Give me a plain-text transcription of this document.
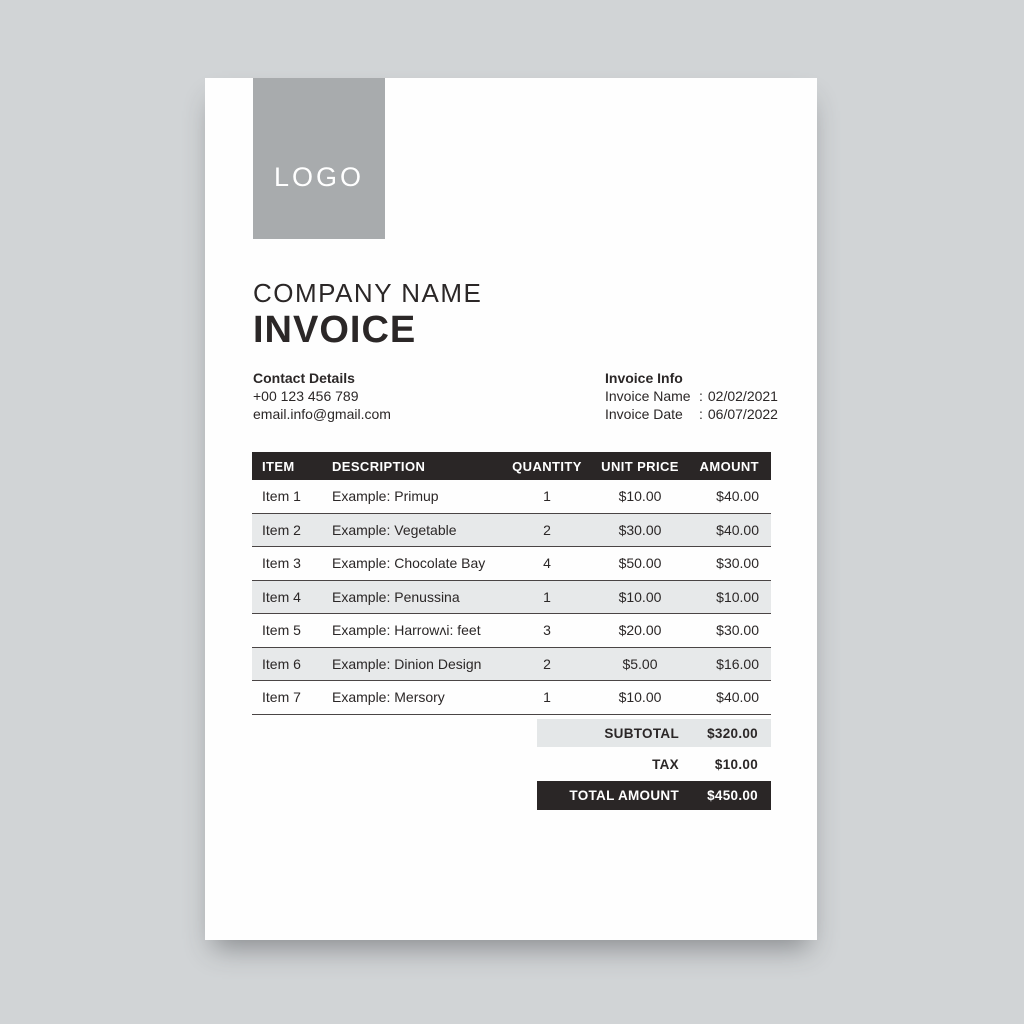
LOGO
COMPANY NAME
INVOICE
Contact Details
+00 123 456 789
email.info@gmail.com
Invoice Info
Invoice Name : 02/02/2021
Invoice Date : 06/07/2022
ITEM	DESCRIPTION	QUANTITY	UNIT PRICE	AMOUNT
Item 1	Example: Primup	1	$10.00	$40.00
Item 2	Example: Vegetable	2	$30.00	$40.00
Item 3	Example: Chocolate Bay	4	$50.00	$30.00
Item 4	Example: Penussina	1	$10.00	$10.00
Item 5	Example: Harrowʌi: feet	3	$20.00	$30.00
Item 6	Example: Dinion Design	2	$5.00	$16.00
Item 7	Example: Mersory	1	$10.00	$40.00
SUBTOTAL	$320.00
TAX	$10.00
TOTAL AMOUNT	$450.00
